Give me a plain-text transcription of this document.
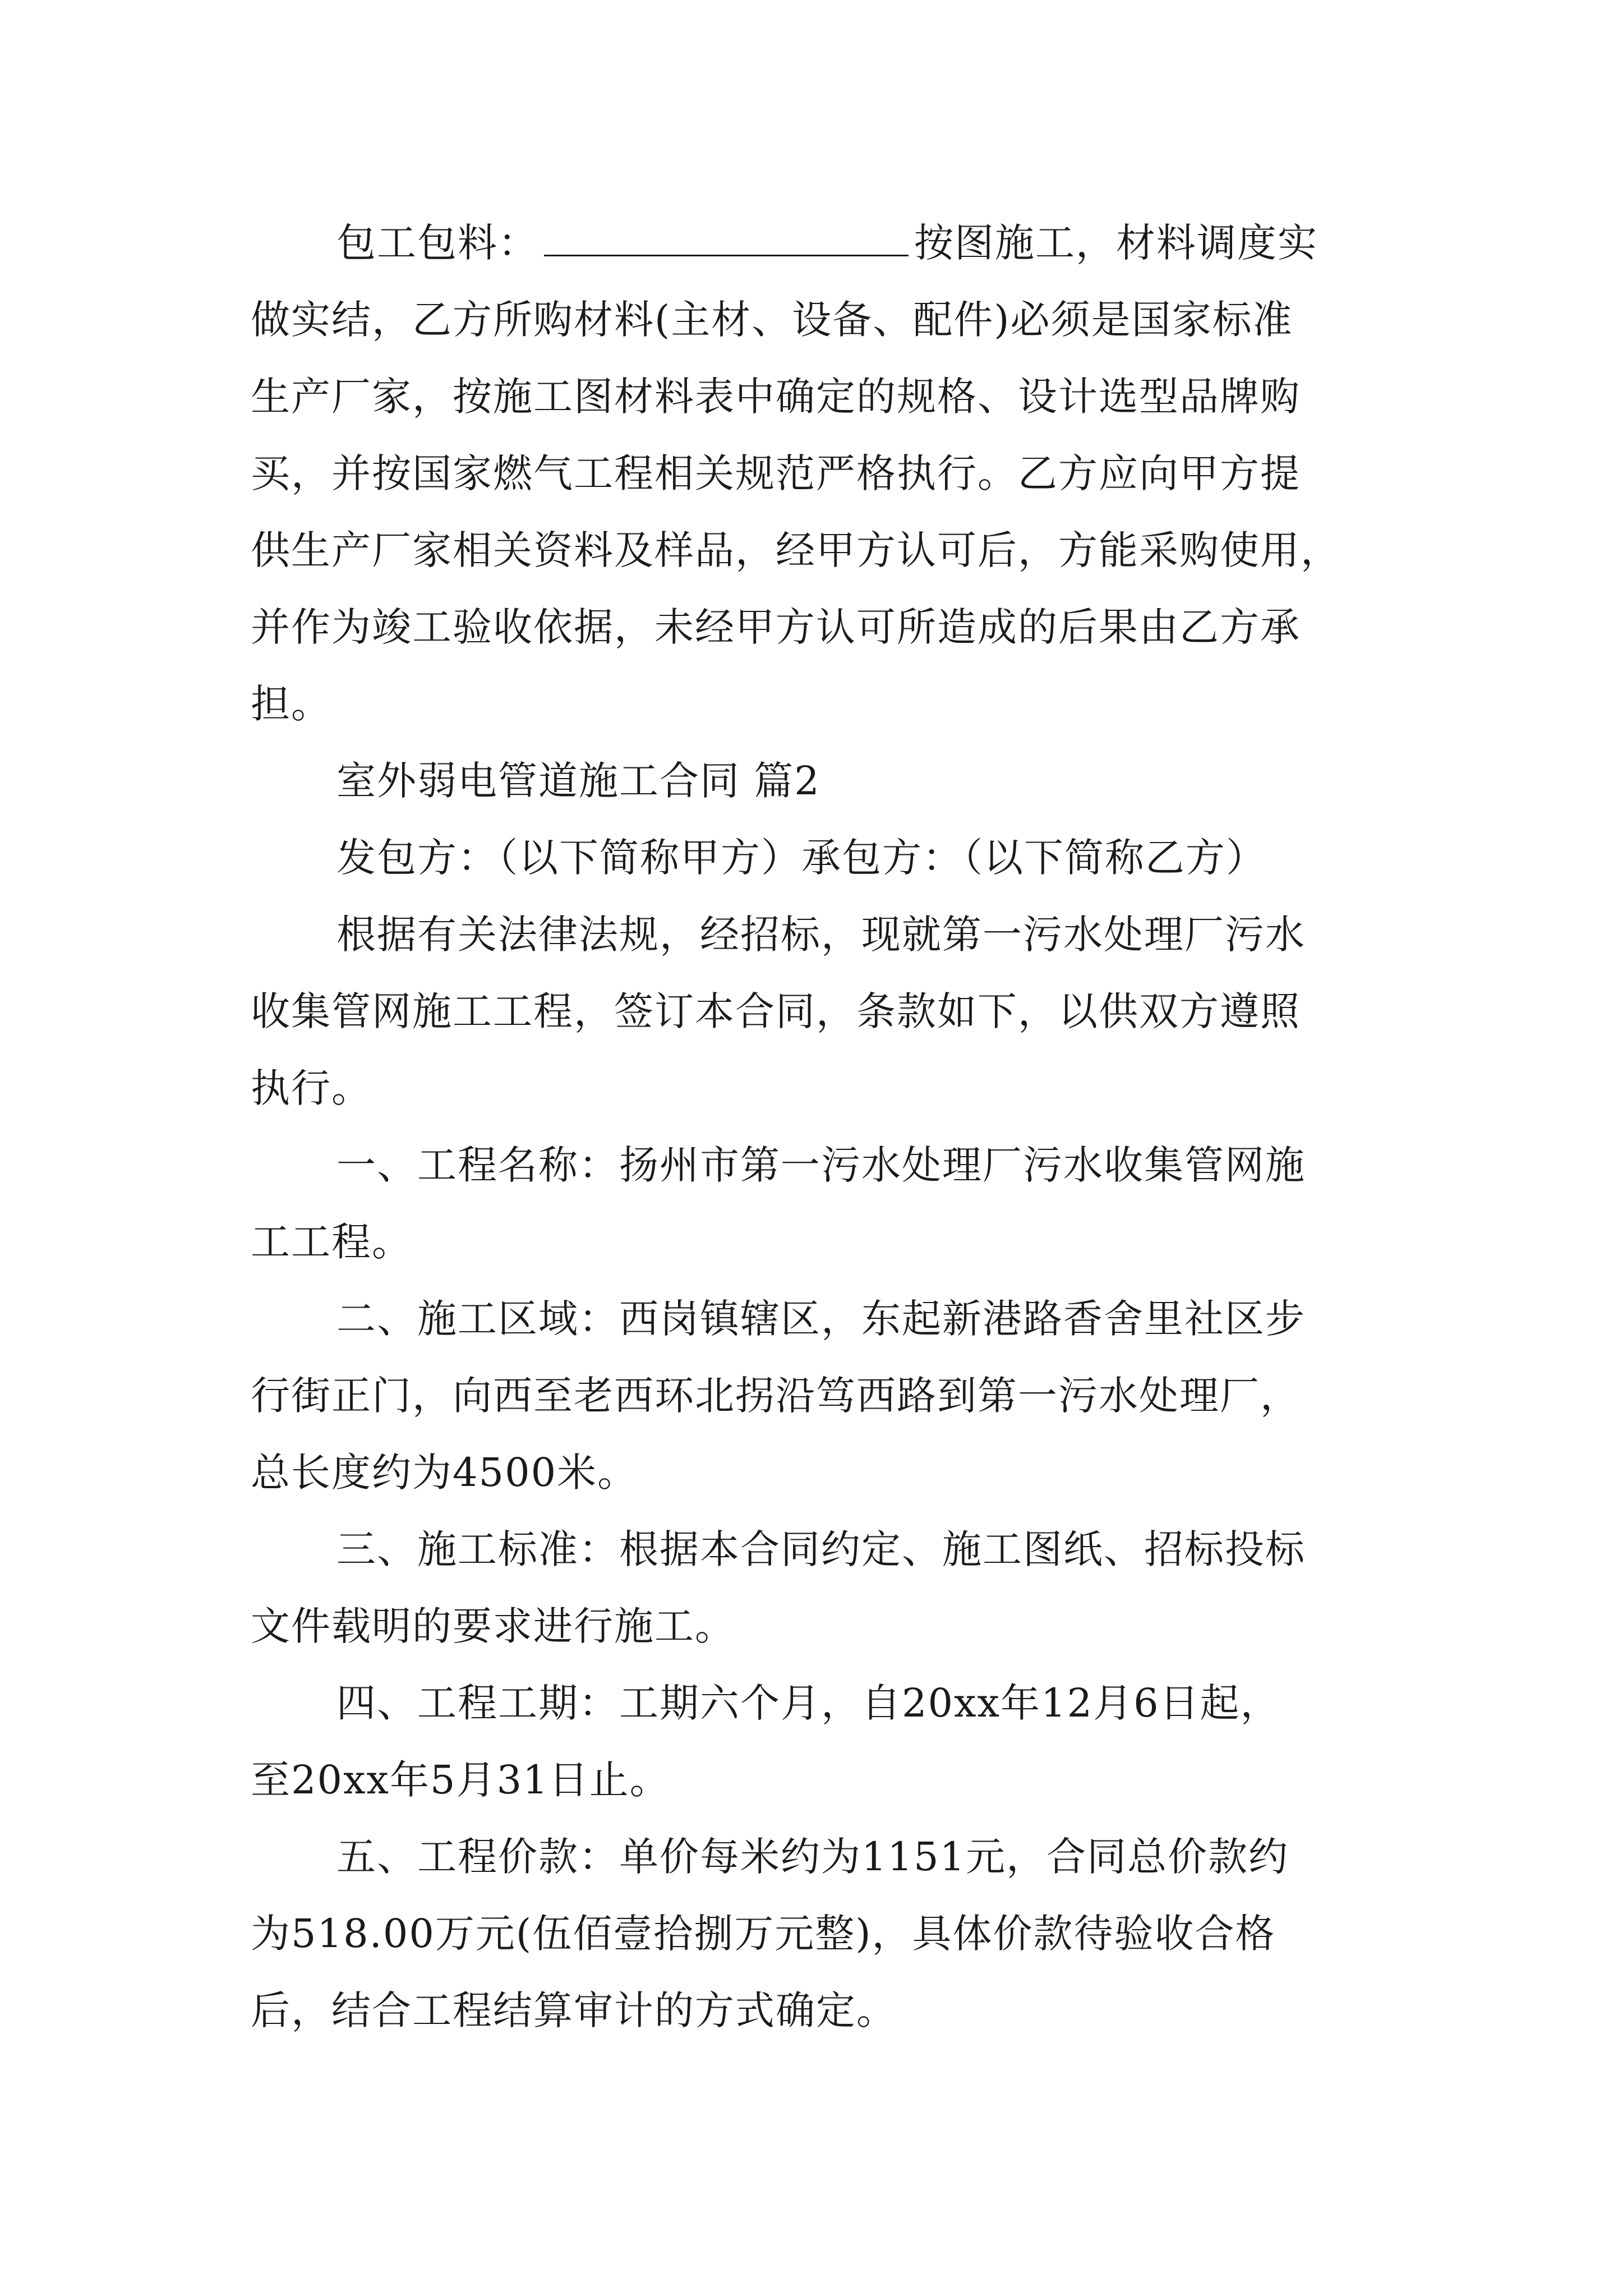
包工包料：	按图施工，材料调度实
做实结，乙方所购材料(主材、设备、配件)必须是国家标准
生产厂家，按施工图材料表中确定的规格、设计选型品牌购
买，并按国家燃气工程相关规范严格执行。乙方应向甲方提
供生产厂家相关资料及样品，经甲方认可后，方能采购使用，
并作为竣工验收依据，未经甲方认可所造成的后果由乙方承
担。
室外弱电管道施工合同 篇2
发包方：（以下简称甲方）承包方：（以下简称乙方）
根据有关法律法规，经招标，现就第一污水处理厂污水
收集管网施工工程，签订本合同，条款如下，以供双方遵照
执行。
一、工程名称：扬州市第一污水处理厂污水收集管网施
工工程。
二、施工区域：西岗镇辖区，东起新港路香舍里社区步
行街正门，向西至老西环北拐沿笃西路到第一污水处理厂，
总长度约为4500米。
三、施工标准：根据本合同约定、施工图纸、招标投标
文件载明的要求进行施工。
四、工程工期：工期六个月，自20xx年12月6日起，
至20xx年5月31日止。
五、工程价款：单价每米约为1151元，合同总价款约
为518.00万元(伍佰壹拾捌万元整)，具体价款待验收合格
后，结合工程结算审计的方式确定。
